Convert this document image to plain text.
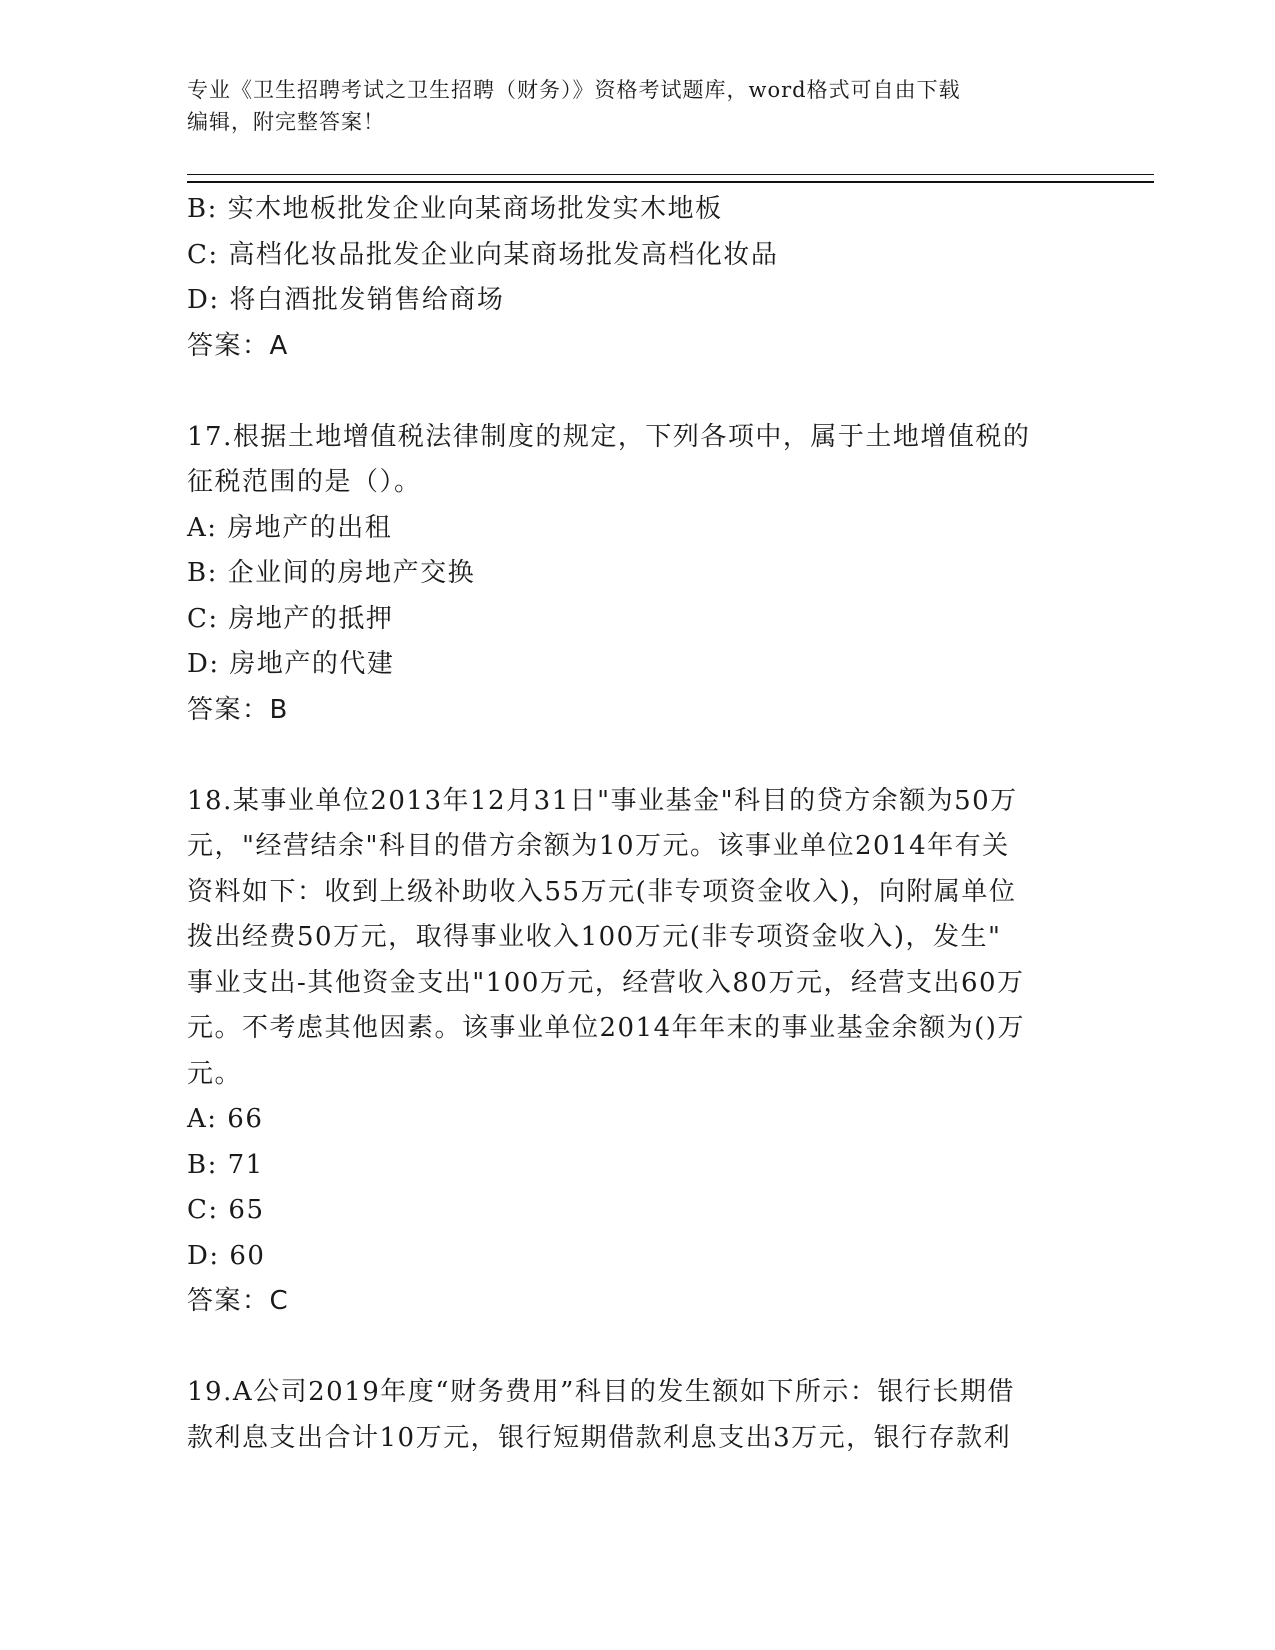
专业《卫生招聘考试之卫生招聘（财务）》资格考试题库，word格式可自由下载
编辑，附完整答案！
B: 实木地板批发企业向某商场批发实木地板
C: 高档化妆品批发企业向某商场批发高档化妆品
D: 将白酒批发销售给商场
答案：A
17.根据土地增值税法律制度的规定，下列各项中，属于土地增值税的
征税范围的是（）。
A: 房地产的出租
B: 企业间的房地产交换
C: 房地产的抵押
D: 房地产的代建
答案：B
18.某事业单位2013年12月31日"事业基金"科目的贷方余额为50万
元，"经营结余"科目的借方余额为10万元。该事业单位2014年有关
资料如下：收到上级补助收入55万元(非专项资金收入)，向附属单位
拨出经费50万元，取得事业收入100万元(非专项资金收入)，发生"
事业支出-其他资金支出"100万元，经营收入80万元，经营支出60万
元。不考虑其他因素。该事业单位2014年年末的事业基金余额为()万
元。
A: 66
B: 71
C: 65
D: 60
答案：C
19.A公司2019年度“财务费用”科目的发生额如下所示：银行长期借
款利息支出合计10万元，银行短期借款利息支出3万元，银行存款利
